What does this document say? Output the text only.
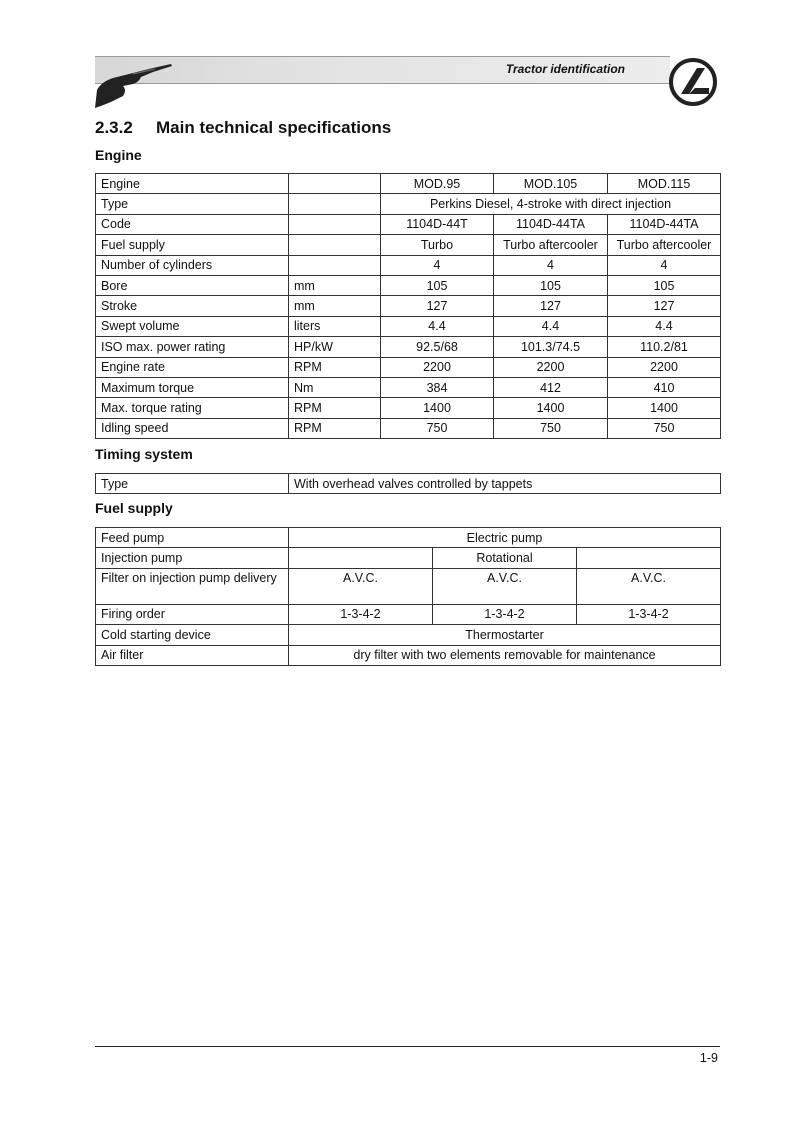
Tractor identification
2.3.2 Main technical specifications
Engine
Engine		MOD.95	MOD.105	MOD.115
Type		Perkins Diesel, 4-stroke with direct injection		
Code		1104D-44T	1104D-44TA	1104D-44TA
Fuel supply		Turbo	Turbo aftercooler	Turbo aftercooler
Number of cylinders		4	4	4
Bore	mm	105	105	105
Stroke	mm	127	127	127
Swept volume	liters	4.4	4.4	4.4
ISO max. power rating	HP/kW	92.5/68	101.3/74.5	110.2/81
Engine rate	RPM	2200	2200	2200
Maximum torque	Nm	384	412	410
Max. torque rating	RPM	1400	1400	1400
Idling speed	RPM	750	750	750
Timing system
Type	With overhead valves controlled by tappets
Fuel supply
Feed pump	Electric pump		
Injection pump		Rotational	
Filter on injection pump delivery	A.V.C.	A.V.C.	A.V.C.
Firing order	1-3-4-2	1-3-4-2	1-3-4-2
Cold starting device	Thermostarter		
Air filter	dry filter with two elements removable for maintenance		
1-9
